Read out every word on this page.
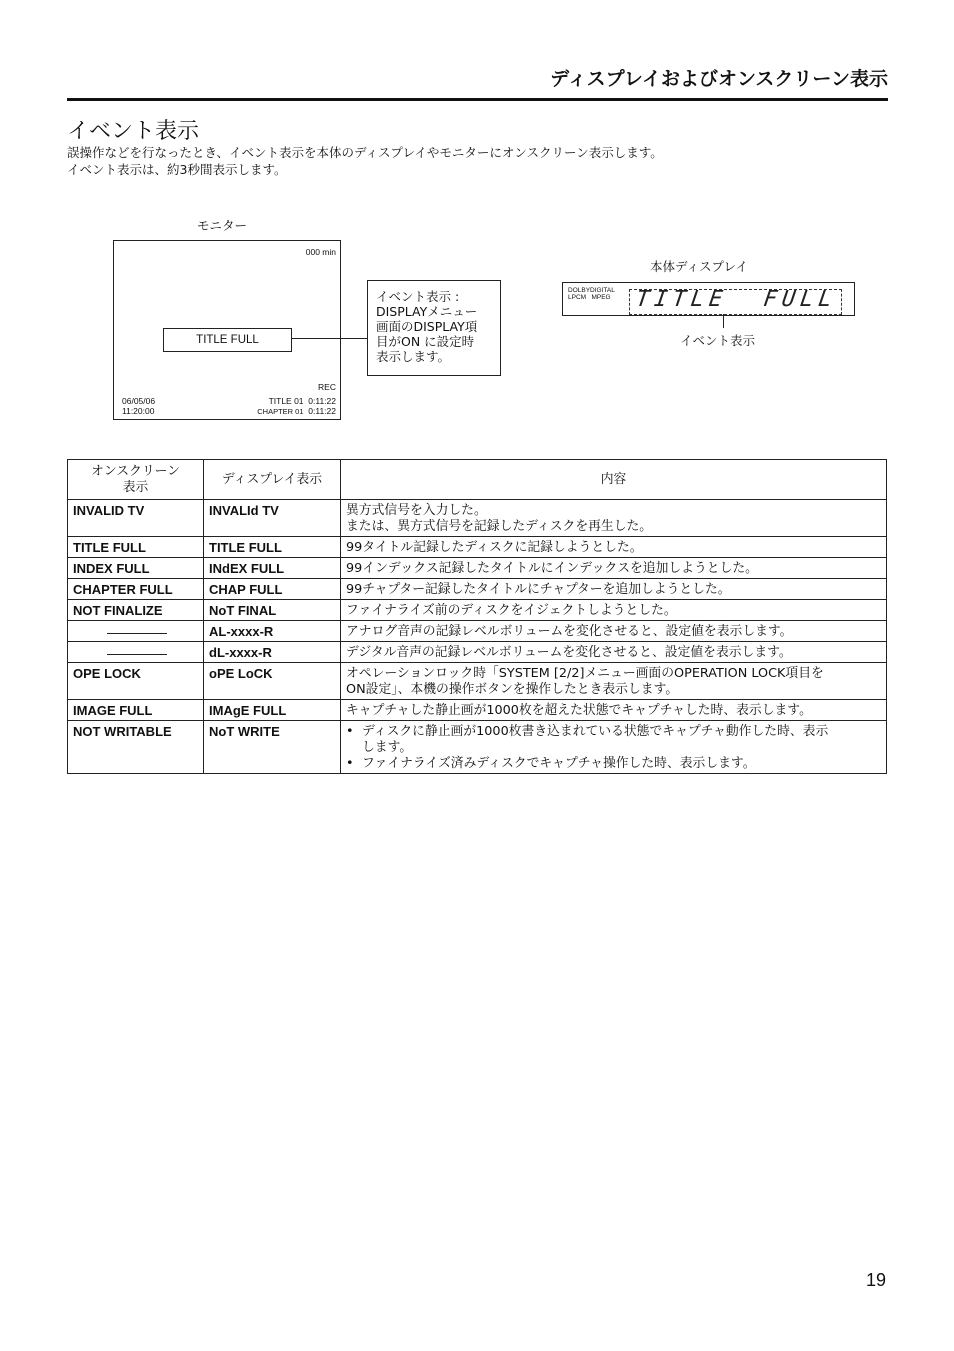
ディスプレイおよびオンスクリーン表示
イベント表示
誤操作などを行なったとき、イベント表示を本体のディスプレイやモニターにオンスクリーン表示します。
イベント表示は、約3秒間表示します。
モニター
000 min
REC
06/05/06
11:20:00
TITLE 01  0:11:22
CHAPTER 01 0:11:22
TITLE FULL
イベント表示 :
DISPLAYメニュー
画面のDISPLAY項
目がON に設定時
表示します。
本体ディスプレイ
DOLBYDIGITAL
LPCM   MPEG TITLE  FULL
イベント表示
オンスクリーン
表示	ディスプレイ表示	内容
INVALID TV	INVALId TV	異方式信号を入力した。
または、異方式信号を記録したディスクを再生した。

TITLE FULL	TITLE FULL	99タイトル記録したディスクに記録しようとした。
INDEX FULL	INdEX FULL	99インデックス記録したタイトルにインデックスを追加しようとした。
CHAPTER FULL	CHAP FULL	99チャプター記録したタイトルにチャプターを追加しようとした。
NOT FINALIZE	NoT FINAL	ファイナライズ前のディスクをイジェクトしようとした。
	AL-xxxx-R	アナログ音声の記録レベルボリュームを変化させると、設定値を表示します。
	dL-xxxx-R	デジタル音声の記録レベルボリュームを変化させると、設定値を表示します。
OPE LOCK	oPE LoCK	オペレーションロック時「SYSTEM [2/2]メニュー画面のOPERATION LOCK項目を
ON設定」、本機の操作ボタンを操作したとき表示します。

IMAGE FULL	IMAgE FULL	キャプチャした静止画が1000枚を超えた状態でキャプチャした時、表示します。
NOT WRITABLE	NoT WRITE	• ディスクに静止画が1000枚書き込まれている状態でキャプチャ動作した時、表示
します。
• ファイナライズ済みディスクでキャプチャ操作した時、表示します。
19
